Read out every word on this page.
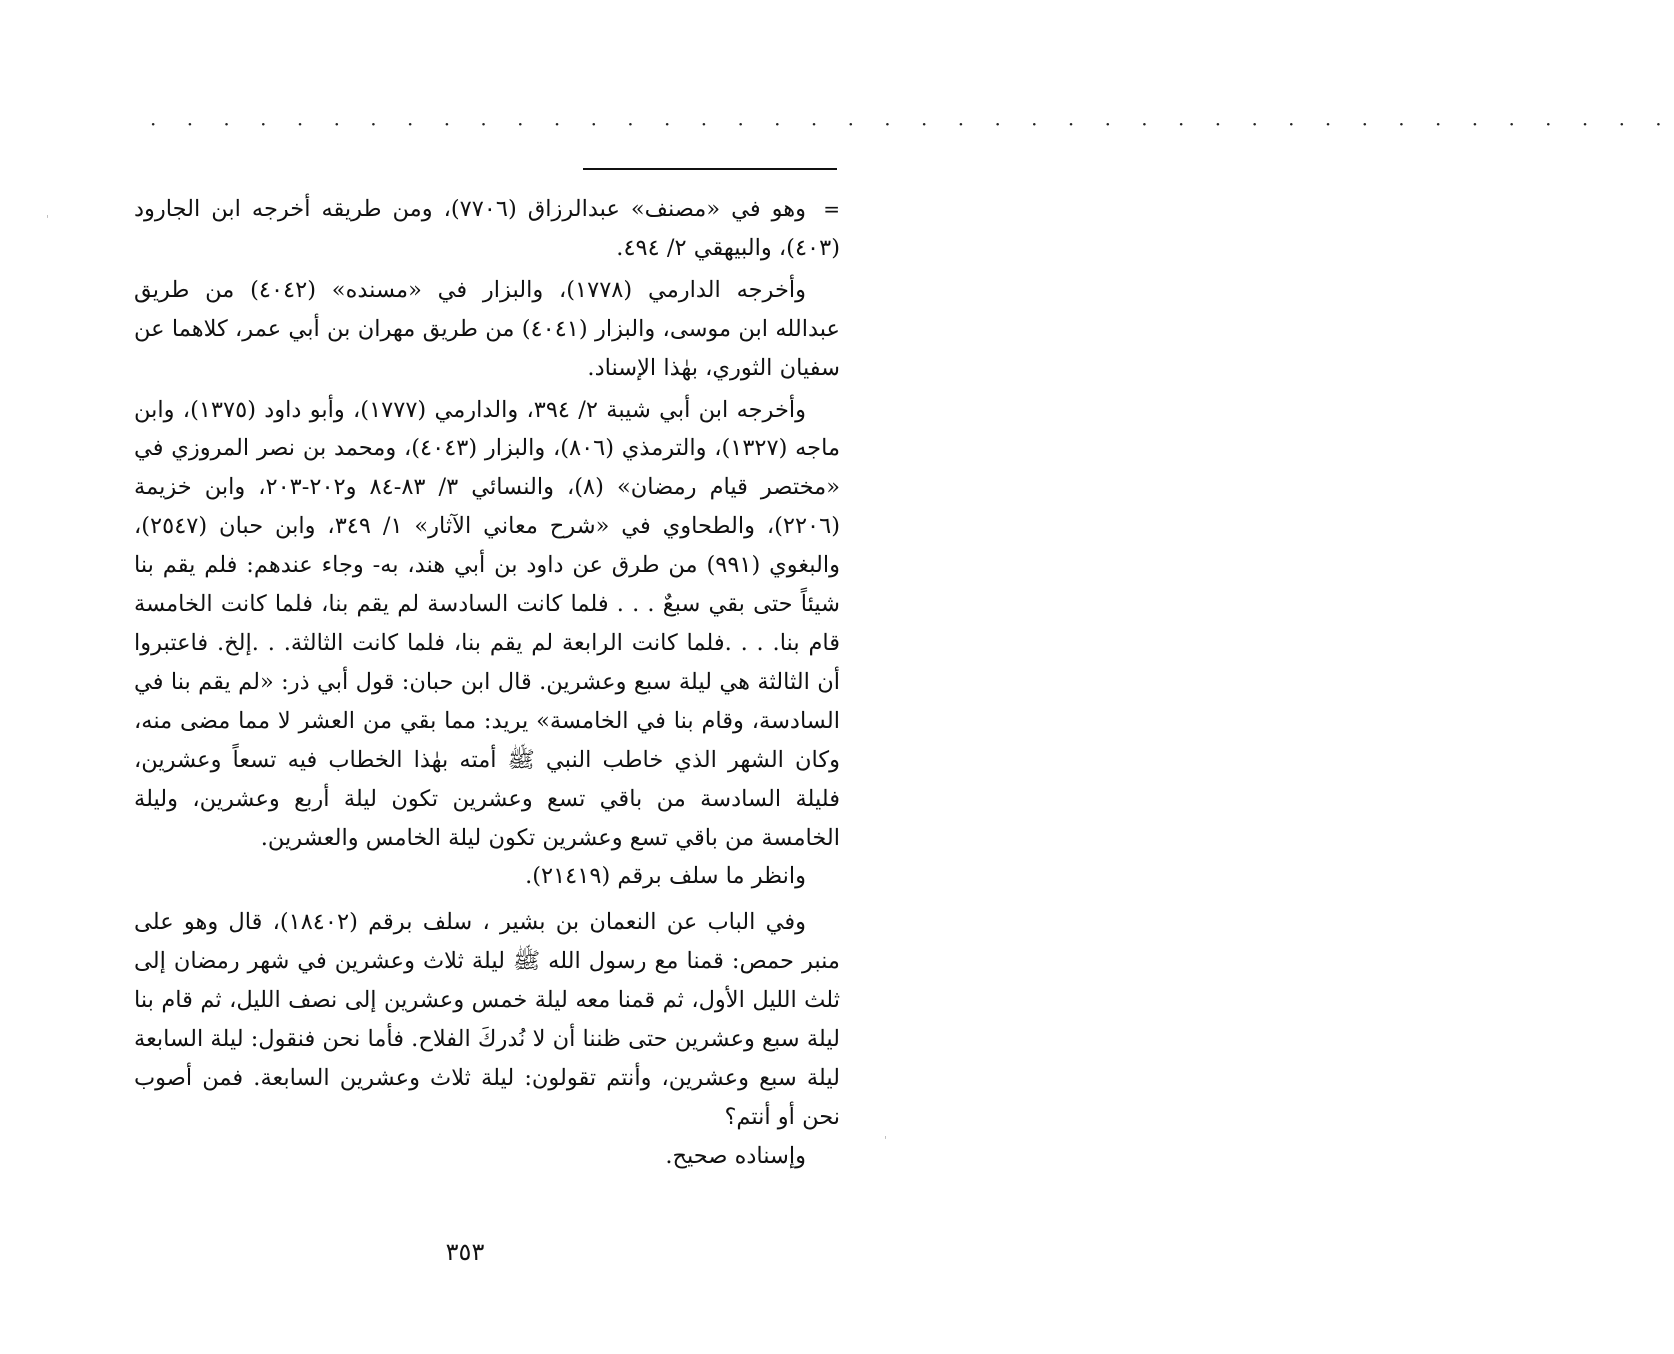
· · · · · · · · · · · · · · · · · · · · · · · · · · · · · · · · · · · · · · · · · ·

=وهو في «مصنف» عبدالرزاق (٧٧٠٦)، ومن طريقه أخرجه ابن الجارود (٤٠٣)، والبيهقي ٢/ ٤٩٤.

وأخرجه الدارمي (١٧٧٨)، والبزار في «مسنده» (٤٠٤٢) من طريق عبدالله ابن موسى، والبزار (٤٠٤١) من طريق مهران بن أبي عمر، كلاهما عن سفيان الثوري، بهٰذا الإسناد.

وأخرجه ابن أبي شيبة ٢/ ٣٩٤، والدارمي (١٧٧٧)، وأبو داود (١٣٧٥)، وابن ماجه (١٣٢٧)، والترمذي (٨٠٦)، والبزار (٤٠٤٣)، ومحمد بن نصر المروزي في «مختصر قيام رمضان» (٨)، والنسائي ٣/ ٨٣-٨٤ و٢٠٢-٢٠٣، وابن خزيمة (٢٢٠٦)، والطحاوي في «شرح معاني الآثار» ١/ ٣٤٩، وابن حبان (٢٥٤٧)، والبغوي (٩٩١) من طرق عن داود بن أبي هند، به- وجاء عندهم: فلم يقم بنا شيئاً حتى بقي سبعٌ . . . فلما كانت السادسة لم يقم بنا، فلما كانت الخامسة قام بنا. . . .فلما كانت الرابعة لم يقم بنا، فلما كانت الثالثة. . .إلخ. فاعتبروا أن الثالثة هي ليلة سبع وعشرين. قال ابن حبان: قول أبي ذر: «لم يقم بنا في السادسة، وقام بنا في الخامسة» يريد: مما بقي من العشر لا مما مضى منه، وكان الشهر الذي خاطب النبي ﷺ أمته بهٰذا الخطاب فيه تسعاً وعشرين، فليلة السادسة من باقي تسع وعشرين تكون ليلة أربع وعشرين، وليلة الخامسة من باقي تسع وعشرين تكون ليلة الخامس والعشرين.

وانظر ما سلف برقم (٢١٤١٩).

وفي الباب عن النعمان بن بشير ، سلف برقم (١٨٤٠٢)، قال وهو على منبر حمص: قمنا مع رسول الله ﷺ ليلة ثلاث وعشرين في شهر رمضان إلى ثلث الليل الأول، ثم قمنا معه ليلة خمس وعشرين إلى نصف الليل، ثم قام بنا ليلة سبع وعشرين حتى ظننا أن لا نُدركَ الفلاح. فأما نحن فنقول: ليلة السابعة ليلة سبع وعشرين، وأنتم تقولون: ليلة ثلاث وعشرين السابعة. فمن أصوب نحن أو أنتم؟

وإسناده صحيح.

٣٥٣
'
'
